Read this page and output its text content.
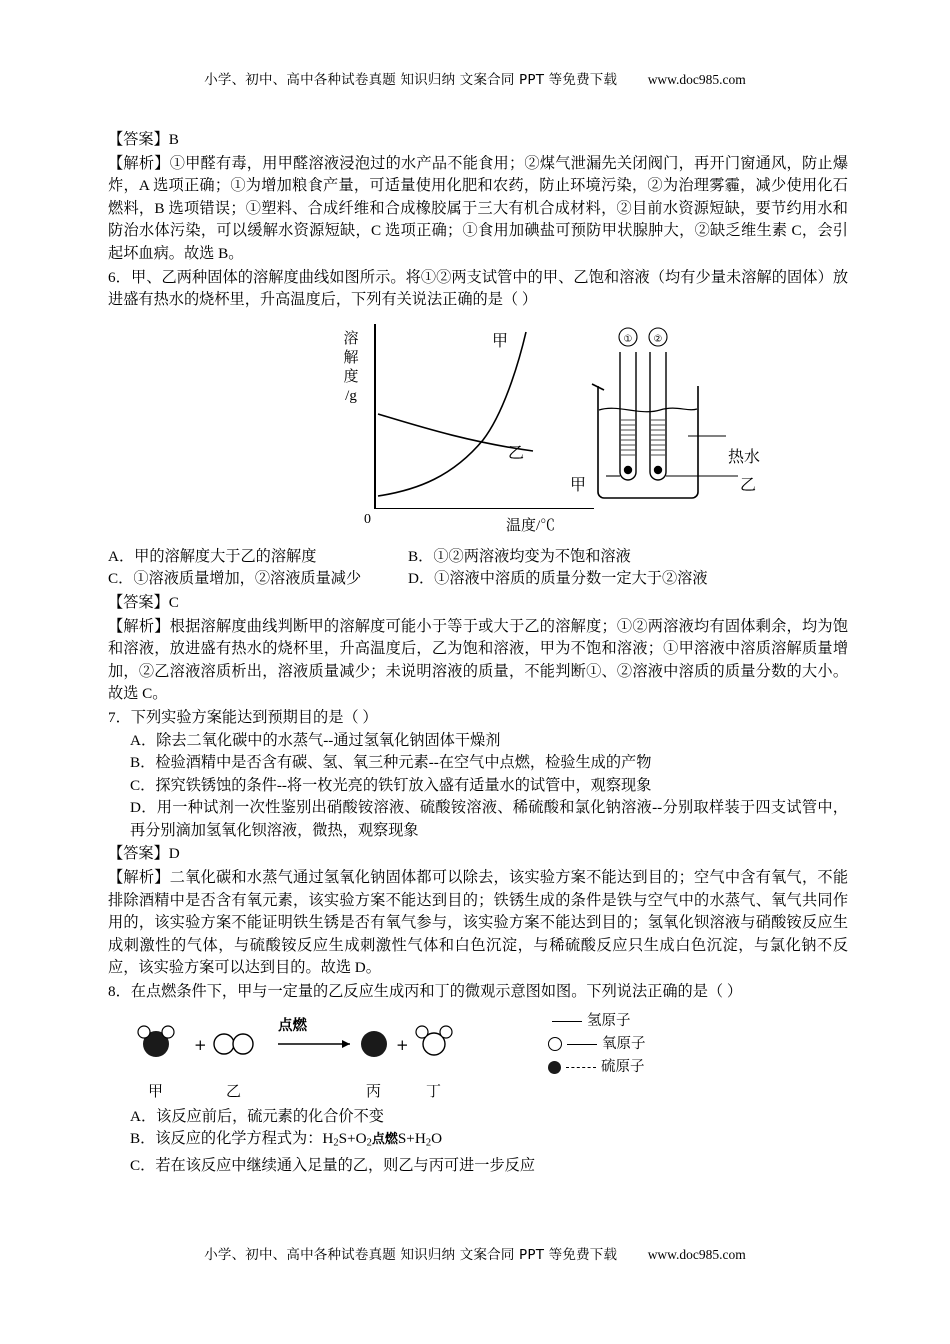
小学、初中、高中各种试卷真题 知识归纳 文案合同 PPT 等免费下载 www.doc985.com

【答案】B

【解析】①甲醛有毒，用甲醛溶液浸泡过的水产品不能食用；②煤气泄漏先关闭阀门，再开门窗通风，防止爆炸，A 选项正确；①为增加粮食产量，可适量使用化肥和农药，防止环境污染，②为治理雾霾，减少使用化石燃料，B 选项错误；①塑料、合成纤维和合成橡胶属于三大有机合成材料，②目前水资源短缺，要节约用水和防治水体污染，可以缓解水资源短缺，C 选项正确；①食用加碘盐可预防甲状腺肿大，②缺乏维生素 C，会引起坏血病。故选 B。

6．甲、乙两种固体的溶解度曲线如图所示。将①②两支试管中的甲、乙饱和溶液（均有少量未溶解的固体）放进盛有热水的烧杯里，升高温度后，下列有关说法正确的是（ ）

溶
解
度
/g
温度/℃
0
甲
乙
① ②
热水
甲	乙
A．甲的溶解度大于乙的溶解度	B．①②两溶液均变为不饱和溶液
C．①溶液质量增加，②溶液质量减少	D．①溶液中溶质的质量分数一定大于②溶液

【答案】C

【解析】根据溶解度曲线判断甲的溶解度可能小于等于或大于乙的溶解度；①②两溶液均有固体剩余，均为饱和溶液，放进盛有热水的烧杯里，升高温度后，乙为饱和溶液，甲为不饱和溶液；①甲溶液中溶质溶解质量增加，②乙溶液溶质析出，溶液质量减少；未说明溶液的质量，不能判断①、②溶液中溶质的质量分数的大小。故选 C。

7．下列实验方案能达到预期目的是（ ）

A．除去二氧化碳中的水蒸气--通过氢氧化钠固体干燥剂

B．检验酒精中是否含有碳、氢、氧三种元素--在空气中点燃，检验生成的产物

C．探究铁锈蚀的条件--将一枚光亮的铁钉放入盛有适量水的试管中，观察现象

D．用一种试剂一次性鉴别出硝酸铵溶液、硫酸铵溶液、稀硫酸和氯化钠溶液--分别取样装于四支试管中，再分别滴加氢氧化钡溶液，微热，观察现象

【答案】D

【解析】二氧化碳和水蒸气通过氢氧化钠固体都可以除去，该实验方案不能达到目的；空气中含有氧气，不能排除酒精中是否含有氧元素，该实验方案不能达到目的；铁锈生成的条件是铁与空气中的水蒸气、氧气共同作用的，该实验方案不能证明铁生锈是否有氧气参与，该实验方案不能达到目的；氢氧化钡溶液与硝酸铵反应生成刺激性的气体，与硫酸铵反应生成刺激性气体和白色沉淀，与稀硫酸反应只生成白色沉淀，与氯化钠不反应，该实验方案可以达到目的。故选 D。

8．在点燃条件下，甲与一定量的乙反应生成丙和丁的微观示意图如图。下列说法正确的是（ ）

+	+
点燃
甲	乙	丙	丁
氢原子
氧原子
硫原子

A．该反应前后，硫元素的化合价不变

B．该反应的化学方程式为：$H_2S+O_2$点燃$S+H_2O$

C．若在该反应中继续通入足量的乙，则乙与丙可进一步反应

小学、初中、高中各种试卷真题 知识归纳 文案合同 PPT 等免费下载 www.doc985.com
